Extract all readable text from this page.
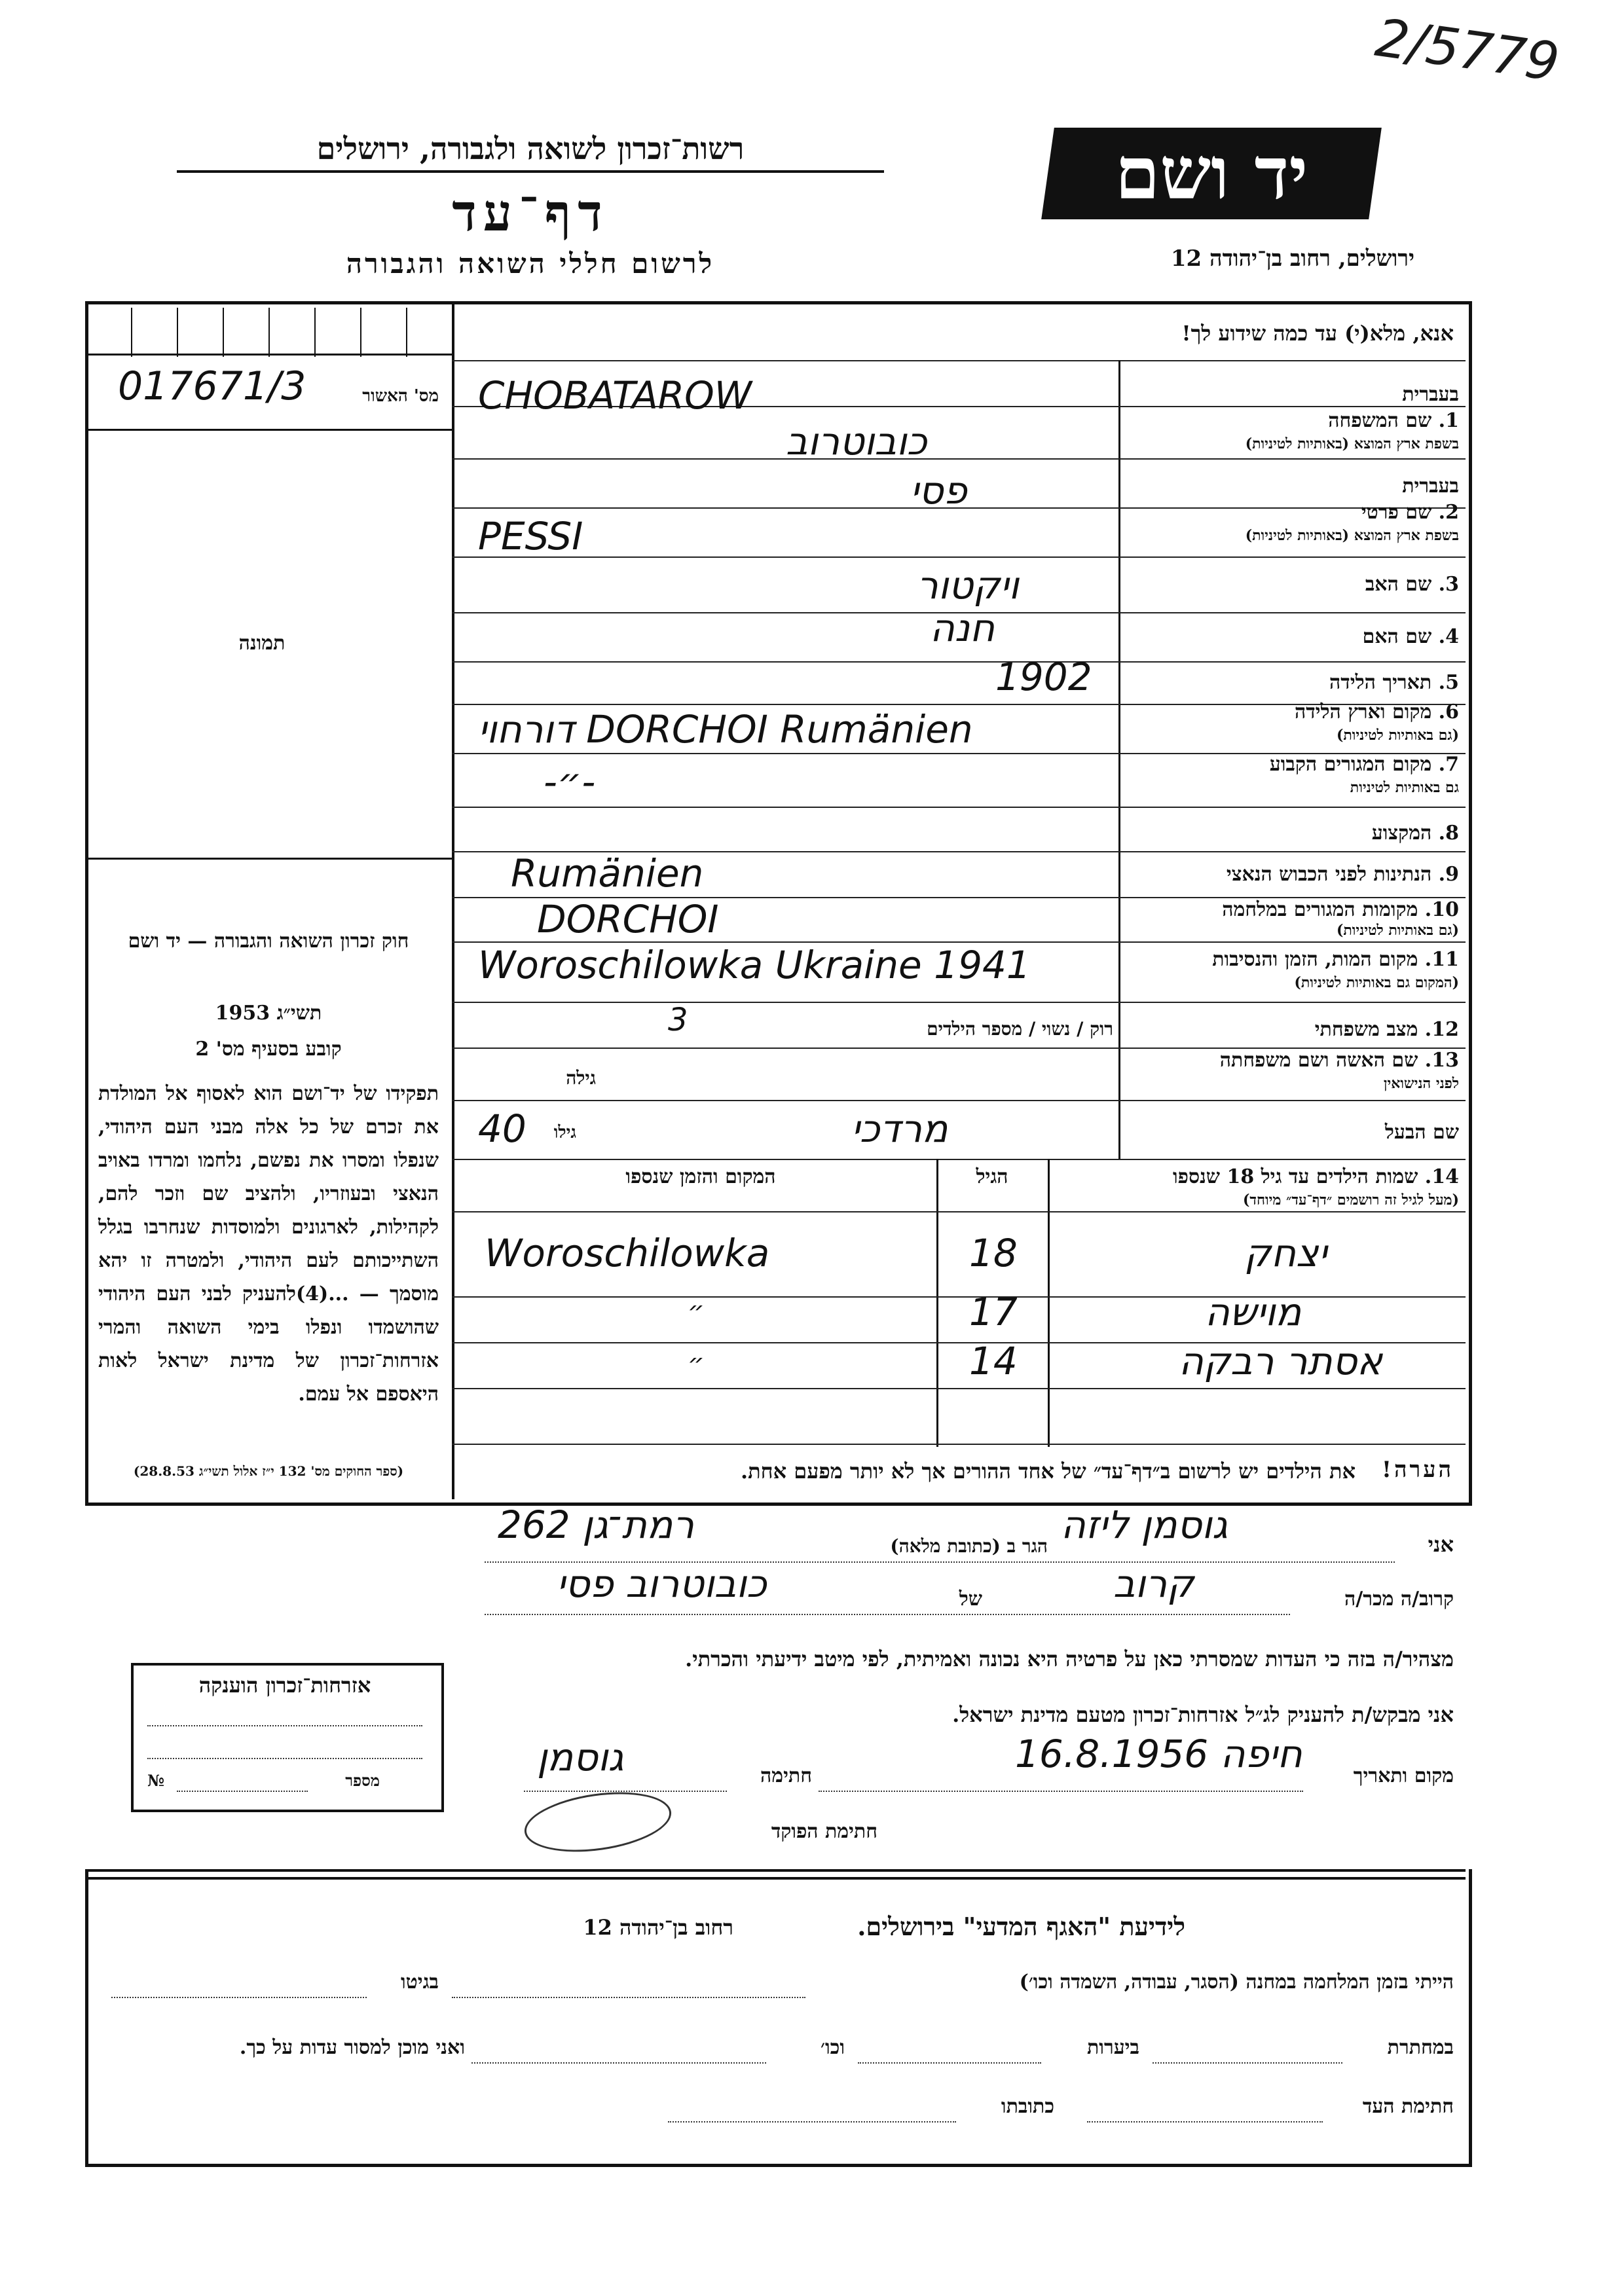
2/5779
רשות־זכרון לשואה ולגבורה, ירושלים
דף־עד
לרשום חללי השואה והגבורה
יד ושם
ירושלים, רחוב בן־יהודה 12
מס' האשור
017671/3
תמונה
חוק זכרון השואה והגבורה — יד ושם
תשי״ג 1953
קובע בסעיף מס' 2
תפקידו של יד־ושם הוא לאסוף אל המולדת את זכרם של כל אלה מבני העם היהודי, שנפלו ומסרו את נפשם, נלחמו ומרדו באויב הנאצי ובעוזריו, ולהציב שם וזכר להם, לקהילות, לארגונים ולמוסדות שנחרבו בגלל השתייכותם לעם היהודי, ולמטרה זו יהא מוסמך — ...(4)להעניק לבני העם היהודי שהושמדו ונפלו בימי השואה והמרי אזרחות־זכרון של מדינת ישראל לאות היאספם אל עמם.
(ספר החוקים מס' 132 י״ז אלול תשי״ג 28.8.53)
אנא, מלא(י) עד כמה שידוע לך!
בעברית
1. שם המשפחה
בשפת ארץ המוצא (באותיות לטיניות)
CHOBATAROW
כובוטרוב
בעברית
2. שם פרטי
בשפת ארץ המוצא (באותיות לטיניות)
פסי
PESSI
3. שם האב
ויקטור
4. שם האם
חנה
5. תאריך הלידה
1902
6. מקום וארץ הלידה
(גם באותיות לטיניות)
דורחוי DORCHOI Rumänien
7. מקום המגורים הקבוע
גם באותיות לטיניות
-״-
8. המקצוע
9. הנתינות לפני הכבוש הנאצי
Rumänien
10. מקומות המגורים במלחמה
(גם באותיות לטיניות)
DORCHOI
11. מקום המות, הזמן והנסיבות
(המקום גם באותיות לטיניות)
Woroschilowka Ukraine 1941
12. מצב משפחתי
רוק / נשוי / מספר הילדים
3
13. שם האשה ושם משפחתה
לפני הנישואין
גילה
שם הבעל
גילו
40	מרדכי
14. שמות הילדים עד גיל 18 שנספו
(מעל לגיל זה רושמים ״דף־עד״ מיוחד)
הגיל
המקום והזמן שנספו
יצחק
18
Woroschilowka
מוישה
17
״
אסתר רבקה
14
״
הערה!
את הילדים יש לרשום ב״דף־עד״ של אחד ההורים אך לא יותר מפעם אחת.
אני
גוסמן ליזה
הגר ב (כתובת מלאה)
רמת־גן 262
קרוב/ה מכר/ה
קרוב
של
כובוטרוב פסי
מצהיר/ה בזה כי העדות שמסרתי כאן על פרטיה היא נכונה ואמיתית, לפי מיטב ידיעתי והכרתי.
אני מבקש/ת להעניק לג״ל אזרחות־זכרון מטעם מדינת ישראל.
מקום ותאריך
חיפה 16.8.1956
חתימה
גוסמן
חתימת הפוקד
אזרחות־זכרון הוענקה
מספר
№
לידיעת "האגף המדעי" בירושלים.
רחוב בן־יהודה 12
הייתי בזמן המלחמה במחנה (הסגר, עבודה, השמדה וכו׳)
בגיטו
במחתרת
ביערות
וכו׳
ואני מוכן למסור עדות על כך.
חתימת העד
כתובתו
